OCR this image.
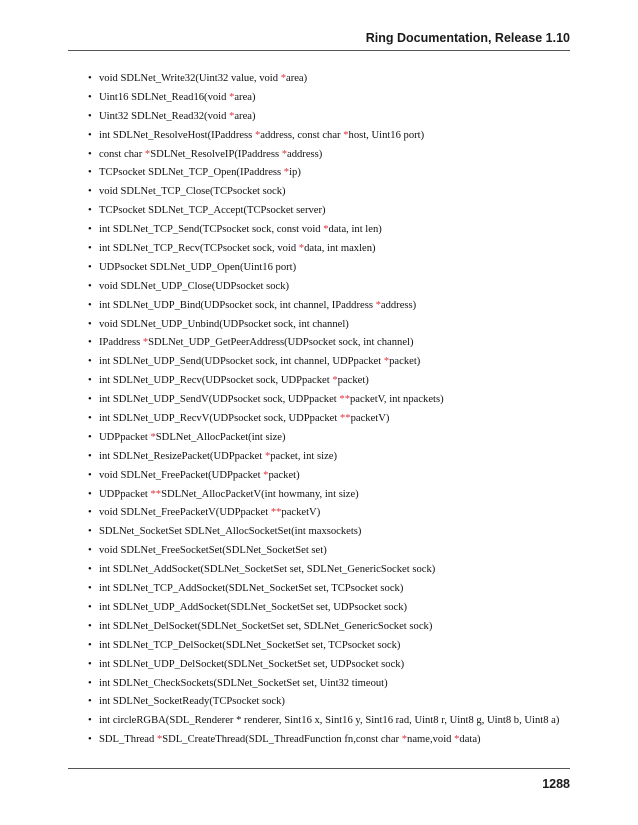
Ring Documentation, Release 1.10
• void SDLNet_Write32(Uint32 value, void *area)
• Uint16 SDLNet_Read16(void *area)
• Uint32 SDLNet_Read32(void *area)
• int SDLNet_ResolveHost(IPaddress *address, const char *host, Uint16 port)
• const char *SDLNet_ResolveIP(IPaddress *address)
• TCPsocket SDLNet_TCP_Open(IPaddress *ip)
• void SDLNet_TCP_Close(TCPsocket sock)
• TCPsocket SDLNet_TCP_Accept(TCPsocket server)
• int SDLNet_TCP_Send(TCPsocket sock, const void *data, int len)
• int SDLNet_TCP_Recv(TCPsocket sock, void *data, int maxlen)
• UDPsocket SDLNet_UDP_Open(Uint16 port)
• void SDLNet_UDP_Close(UDPsocket sock)
• int SDLNet_UDP_Bind(UDPsocket sock, int channel, IPaddress *address)
• void SDLNet_UDP_Unbind(UDPsocket sock, int channel)
• IPaddress *SDLNet_UDP_GetPeerAddress(UDPsocket sock, int channel)
• int SDLNet_UDP_Send(UDPsocket sock, int channel, UDPpacket *packet)
• int SDLNet_UDP_Recv(UDPsocket sock, UDPpacket *packet)
• int SDLNet_UDP_SendV(UDPsocket sock, UDPpacket **packetV, int npackets)
• int SDLNet_UDP_RecvV(UDPsocket sock, UDPpacket **packetV)
• UDPpacket *SDLNet_AllocPacket(int size)
• int SDLNet_ResizePacket(UDPpacket *packet, int size)
• void SDLNet_FreePacket(UDPpacket *packet)
• UDPpacket **SDLNet_AllocPacketV(int howmany, int size)
• void SDLNet_FreePacketV(UDPpacket **packetV)
• SDLNet_SocketSet SDLNet_AllocSocketSet(int maxsockets)
• void SDLNet_FreeSocketSet(SDLNet_SocketSet set)
• int SDLNet_AddSocket(SDLNet_SocketSet set, SDLNet_GenericSocket sock)
• int SDLNet_TCP_AddSocket(SDLNet_SocketSet set, TCPsocket sock)
• int SDLNet_UDP_AddSocket(SDLNet_SocketSet set, UDPsocket sock)
• int SDLNet_DelSocket(SDLNet_SocketSet set, SDLNet_GenericSocket sock)
• int SDLNet_TCP_DelSocket(SDLNet_SocketSet set, TCPsocket sock)
• int SDLNet_UDP_DelSocket(SDLNet_SocketSet set, UDPsocket sock)
• int SDLNet_CheckSockets(SDLNet_SocketSet set, Uint32 timeout)
• int SDLNet_SocketReady(TCPsocket sock)
• int circleRGBA(SDL_Renderer * renderer, Sint16 x, Sint16 y, Sint16 rad, Uint8 r, Uint8 g, Uint8 b, Uint8 a)
• SDL_Thread *SDL_CreateThread(SDL_ThreadFunction fn,const char *name,void *data)
1288
